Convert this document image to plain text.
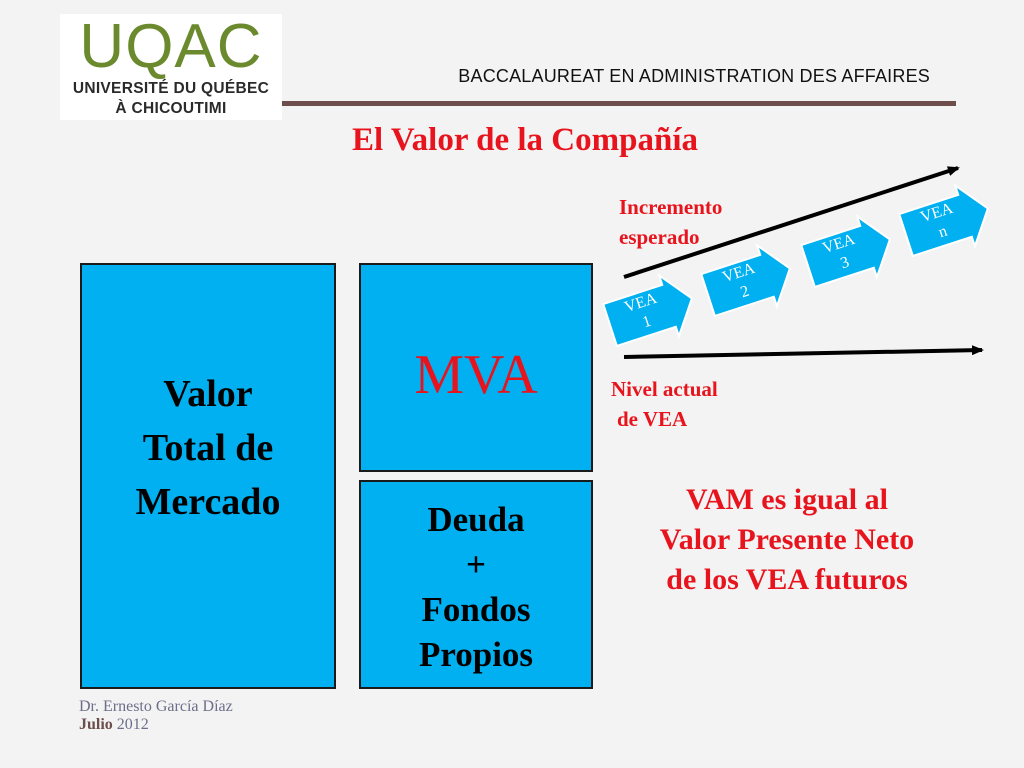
UQAC
UNIVERSITÉ DU QUÉBEC
À CHICOUTIMI
BACCALAUREAT EN ADMINISTRATION DES AFFAIRES
El Valor de la Compañía
Valor
Total de
Mercado
MVA
Deuda
+
Fondos
Propios
VEA
1
VEA
2
VEA
3
VEA
n
Incremento
esperado
Nivel actual
de VEA
VAM es igual al
Valor Presente Neto
de los VEA futuros
Dr. Ernesto García Díaz
Julio 2012
